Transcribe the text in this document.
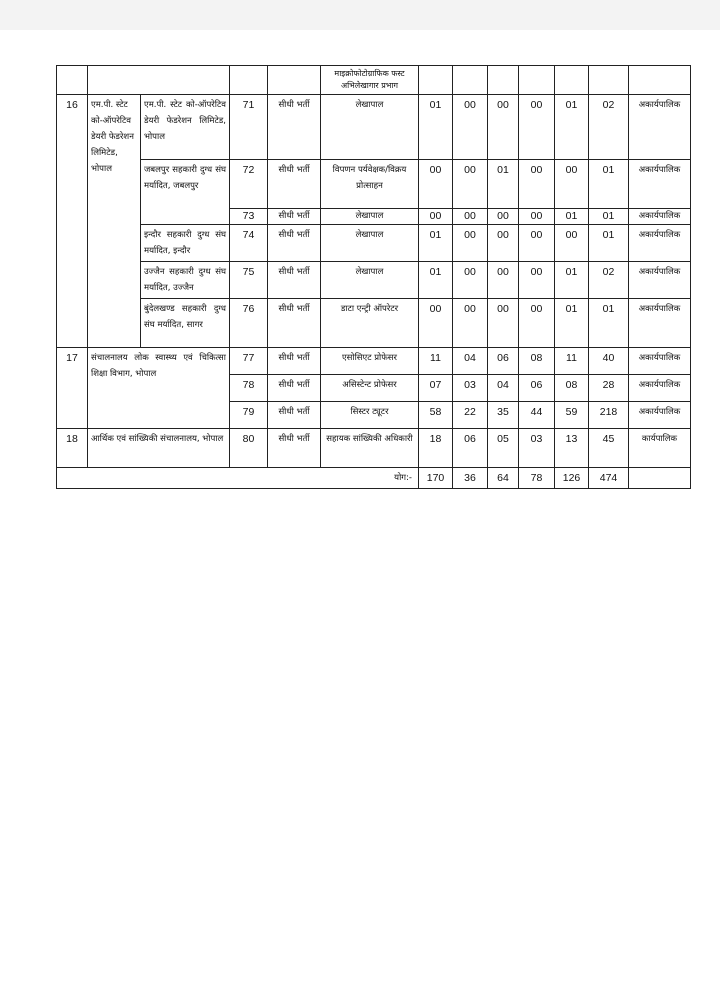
					माइक्रोफोटोग्राफिक फस्ट अभिलेखागार प्रभाग							
16	एम.पी. स्टेट को-ऑपरेटिव डेयरी फेडरेशन लिमिटेड, भोपाल	एम.पी. स्टेट को-ऑपरेटिव डेयरी फेडरेशन लिमिटेड, भोपाल	71	सीधी भर्ती	लेखापाल	01	00	00	00	01	02	अकार्यपालिक
		जबलपुर सहकारी दुग्ध संघ मर्यादित, जबलपुर	72	सीधी भर्ती	विपणन पर्यवेक्षक/विक्रय प्रोत्साहन	00	00	01	00	00	01	अकार्यपालिक
			73	सीधी भर्ती	लेखापाल	00	00	00	00	01	01	अकार्यपालिक
		इन्दौर सहकारी दुग्ध संघ मर्यादित, इन्दौर	74	सीधी भर्ती	लेखापाल	01	00	00	00	00	01	अकार्यपालिक
		उज्जैन सहकारी दुग्ध संघ मर्यादित, उज्जैन	75	सीधी भर्ती	लेखापाल	01	00	00	00	01	02	अकार्यपालिक
		बुंदेलखण्ड सहकारी दुग्ध संघ मर्यादित, सागर	76	सीधी भर्ती	डाटा एन्ट्री ऑपरेटर	00	00	00	00	01	01	अकार्यपालिक
17	संचालनालय लोक स्वास्थ्य एवं चिकित्सा शिक्षा विभाग, भोपाल		77	सीधी भर्ती	एसोसिएट प्रोफेसर	11	04	06	08	11	40	अकार्यपालिक
			78	सीधी भर्ती	असिस्टेन्ट प्रोफेसर	07	03	04	06	08	28	अकार्यपालिक
			79	सीधी भर्ती	सिस्टर ट्यूटर	58	22	35	44	59	218	अकार्यपालिक
18	आर्थिक एवं सांख्यिकी संचालनालय, भोपाल		80	सीधी भर्ती	सहायक सांख्यिकी अधिकारी	18	06	05	03	13	45	कार्यपालिक
योग:-						170	36	64	78	126	474	
